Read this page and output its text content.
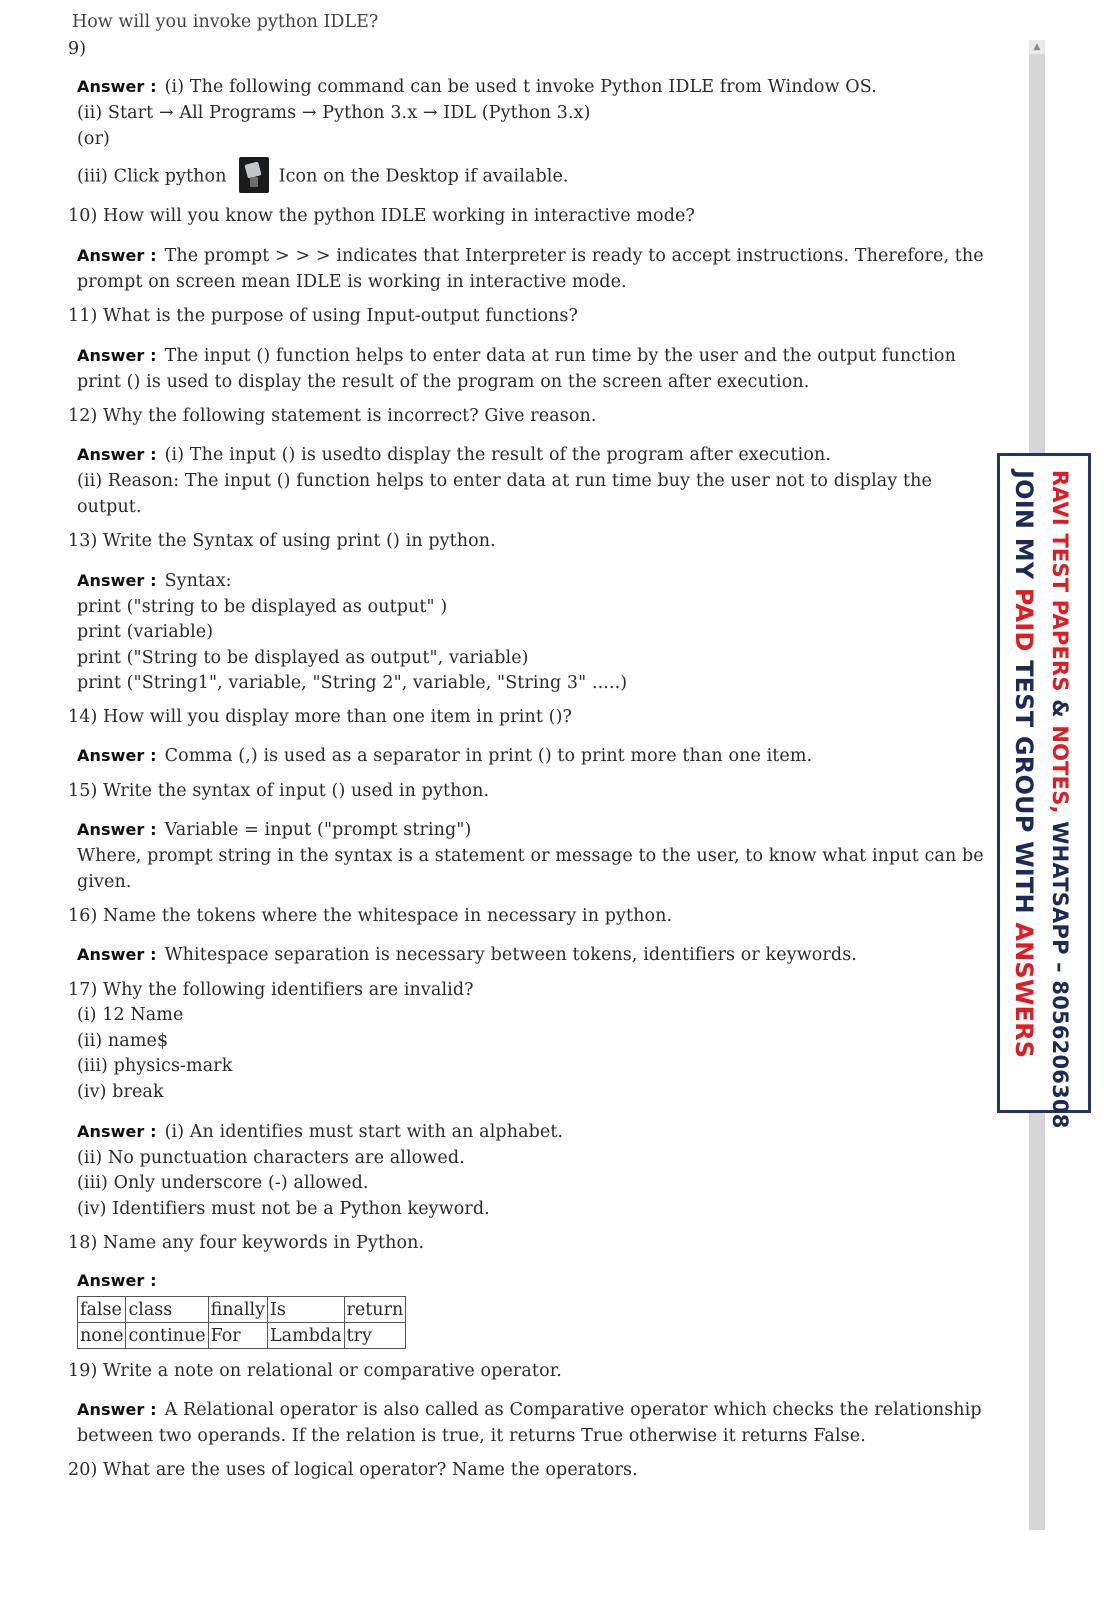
How will you invoke python IDLE?
9)
Answer : (i) The following command can be used t invoke Python IDLE from Window OS.
(ii) Start → All Programs → Python 3.x → IDL (Python 3.x)
(or)
(iii) Click python	Icon on the Desktop if available.
10) How will you know the python IDLE working in interactive mode?
Answer : The prompt > > > indicates that Interpreter is ready to accept instructions. Therefore, the
prompt on screen mean IDLE is working in interactive mode.
11) What is the purpose of using Input-output functions?
Answer : The input () function helps to enter data at run time by the user and the output function
print () is used to display the result of the program on the screen after execution.
12) Why the following statement is incorrect? Give reason.
Answer : (i) The input () is usedto display the result of the program after execution.
(ii) Reason: The input () function helps to enter data at run time buy the user not to display the
output.
13) Write the Syntax of using print () in python.
Answer : Syntax:
print ("string to be displayed as output" )
print (variable)
print ("String to be displayed as output", variable)
print ("String1", variable, "String 2", variable, "String 3" .....)
14) How will you display more than one item in print ()?
Answer : Comma (,) is used as a separator in print () to print more than one item.
15) Write the syntax of input () used in python.
Answer : Variable = input ("prompt string")
Where, prompt string in the syntax is a statement or message to the user, to know what input can be
given.
16) Name the tokens where the whitespace in necessary in python.
Answer : Whitespace separation is necessary between tokens, identifiers or keywords.
17) Why the following identifiers are invalid?
(i) 12 Name
(ii) name$
(iii) physics-mark
(iv) break
Answer : (i) An identifies must start with an alphabet.
(ii) No punctuation characters are allowed.
(iii) Only underscore (-) allowed.
(iv) Identifiers must not be a Python keyword.
18) Name any four keywords in Python.
Answer :
false	class	finally	Is	return
none	continue	For	Lambda	try
19) Write a note on relational or comparative operator.
Answer : A Relational operator is also called as Comparative operator which checks the relationship
between two operands. If the relation is true, it returns True otherwise it returns False.
20) What are the uses of logical operator? Name the operators.
▲
RAVI TEST PAPERS & NOTES, WHATSAPP – 8056206308
JOIN MY PAID TEST GROUP WITH ANSWERS
